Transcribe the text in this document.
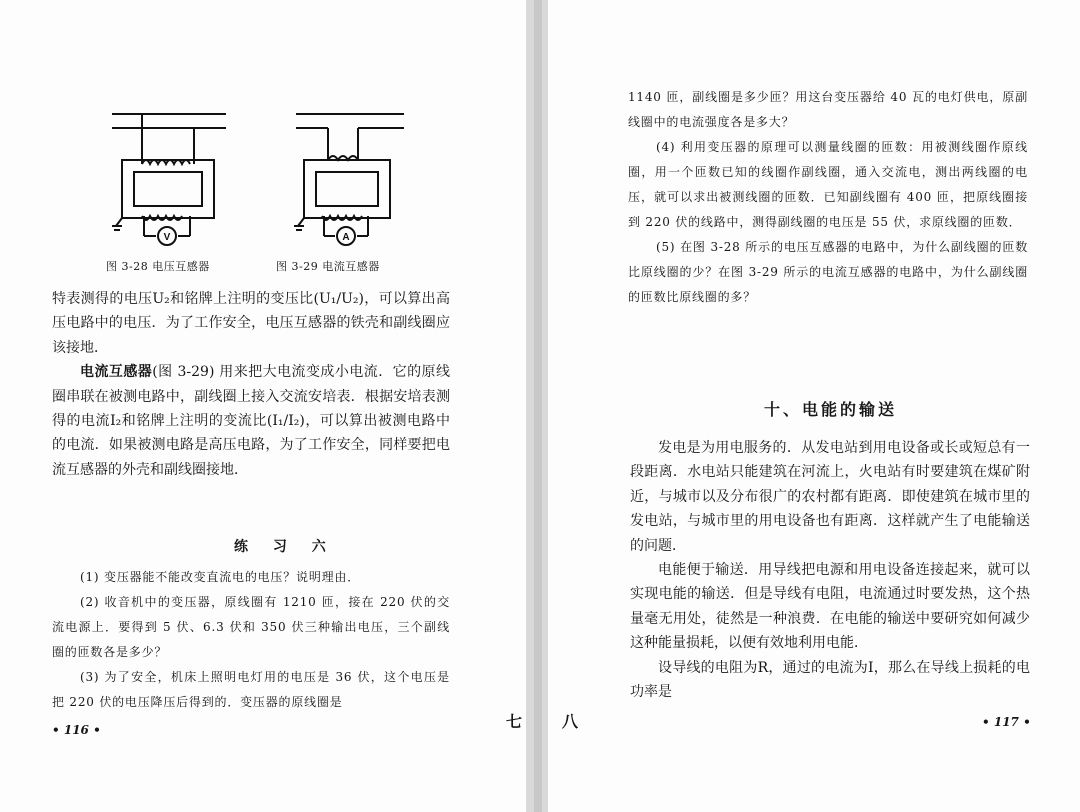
V	A
图 3-28 电压互感器	图 3-29 电流互感器

特表测得的电压U₂和铭牌上注明的变压比(U₁/U₂)，可以算出高压电路中的电压．为了工作安全，电压互感器的铁壳和副线圈应该接地．

电流互感器(图 3-29) 用来把大电流变成小电流．它的原线圈串联在被测电路中，副线圈上接入交流安培表．根据安培表测得的电流I₂和铭牌上注明的变流比(I₁/I₂)，可以算出被测电路中的电流．如果被测电路是高压电路，为了工作安全，同样要把电流互感器的外壳和副线圈接地．

练 习 六

(1) 变压器能不能改变直流电的电压？说明理由．

(2) 收音机中的变压器，原线圈有 1210 匝，接在 220 伏的交流电源上．要得到 5 伏、6.3 伏和 350 伏三种输出电压，三个副线圈的匝数各是多少？

(3) 为了安全，机床上照明电灯用的电压是 36 伏，这个电压是把 220 伏的电压降压后得到的．变压器的原线圈是

• 116 •	七 八

1140 匝，副线圈是多少匝？用这台变压器给 40 瓦的电灯供电，原副线圈中的电流强度各是多大？

(4) 利用变压器的原理可以测量线圈的匝数：用被测线圈作原线圈，用一个匝数已知的线圈作副线圈，通入交流电，测出两线圈的电压，就可以求出被测线圈的匝数．已知副线圈有 400 匝，把原线圈接到 220 伏的线路中，测得副线圈的电压是 55 伏，求原线圈的匝数．

(5) 在图 3-28 所示的电压互感器的电路中，为什么副线圈的匝数比原线圈的少？在图 3-29 所示的电流互感器的电路中，为什么副线圈的匝数比原线圈的多？

十、电能的输送

发电是为用电服务的．从发电站到用电设备或长或短总有一段距离．水电站只能建筑在河流上，火电站有时要建筑在煤矿附近，与城市以及分布很广的农村都有距离．即使建筑在城市里的发电站，与城市里的用电设备也有距离．这样就产生了电能输送的问题．

电能便于输送．用导线把电源和用电设备连接起来，就可以实现电能的输送．但是导线有电阻，电流通过时要发热，这个热量毫无用处，徒然是一种浪费．在电能的输送中要研究如何减少这种能量损耗，以便有效地利用电能．

设导线的电阻为R，通过的电流为I，那么在导线上损耗的电功率是

• 117 •
